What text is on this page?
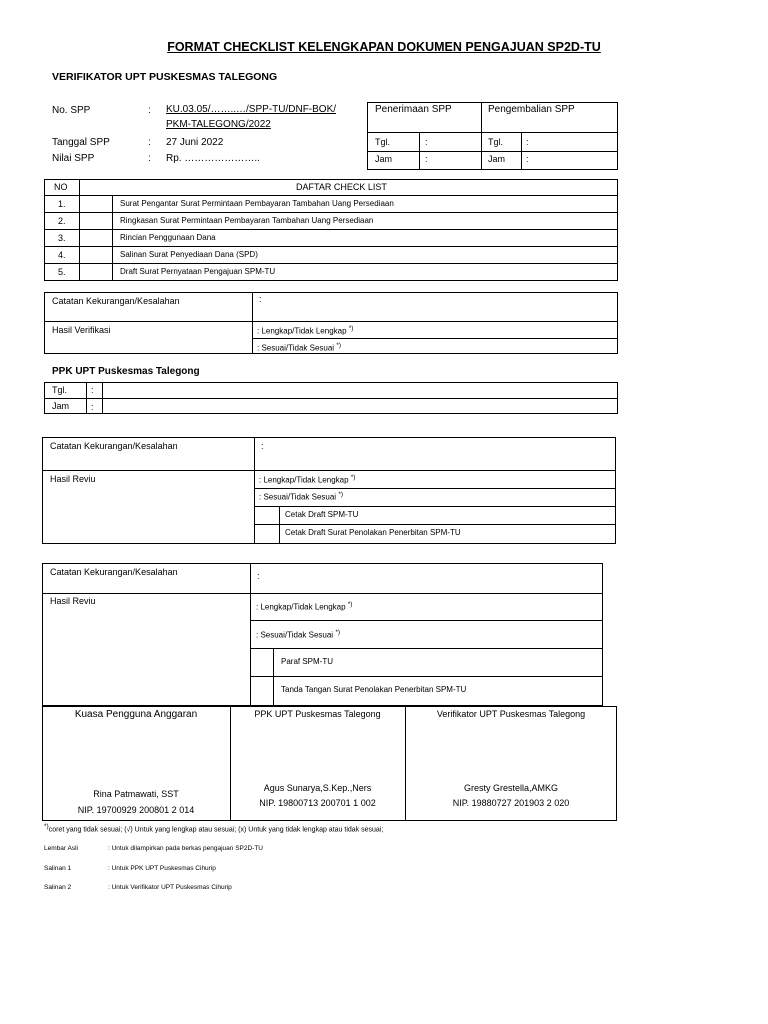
FORMAT CHECKLIST KELENGKAPAN DOKUMEN PENGAJUAN SP2D-TU
VERIFIKATOR UPT PUSKESMAS TALEGONG
No. SPP	: KU.03.05/……..…/SPP-TU/DNF-BOK/
PKM-TALEGONG/2022
Tanggal SPP	: 27 Juni 2022
Nilai SPP	: Rp. …………………..
Penerimaan SPP	Pengembalian SPP
Tgl.	:	Tgl.	:
Jam	:	Jam :
NO	DAFTAR CHECK LIST
1.	Surat Pengantar Surat Permintaan Pembayaran Tambahan Uang Persediaan
2.	Ringkasan Surat Permintaan Pembayaran Tambahan Uang Persediaan
3.	Rincian Penggunaan Dana
4.	Salinan Surat Penyediaan Dana (SPD)
5.	Draft Surat Pernyataan Pengajuan SPM-TU
Catatan Kekurangan/Kesalahan	:
Hasil Verifikasi	: Lengkap/Tidak Lengkap *)
: Sesuai/Tidak Sesuai *)
PPK UPT Puskesmas Talegong
Tgl.	:
Jam :
Catatan Kekurangan/Kesalahan	:
Hasil Reviu	: Lengkap/Tidak Lengkap *)
: Sesuai/Tidak Sesuai *)
Cetak Draft SPM-TU
Cetak Draft Surat Penolakan Penerbitan SPM-TU
Catatan Kekurangan/Kesalahan	:
Hasil Reviu
: Lengkap/Tidak Lengkap *)
: Sesuai/Tidak Sesuai *)
Paraf SPM-TU
Tanda Tangan Surat Penolakan Penerbitan SPM-TU
Kuasa Pengguna Anggaran
Rina Patmawati, SST
NIP. 19700929 200801 2 014
PPK UPT Puskesmas Talegong
Agus Sunarya,S.Kep.,Ners
NIP. 19800713 200701 1 002
Verifikator UPT Puskesmas Talegong
Gresty Grestella,AMKG
NIP. 19880727 201903 2 020
*)coret yang tidak sesuai; (√) Untuk yang lengkap atau sesuai; (x) Untuk yang tidak lengkap atau tidak sesuai;
Lembar Asli	: Untuk dilampirkan pada berkas pengajuan SP2D-TU
Salinan 1	: Untuk PPK UPT Puskesmas Cihurip
Salinan 2	: Untuk Verifikator UPT Puskesmas Cihurip
